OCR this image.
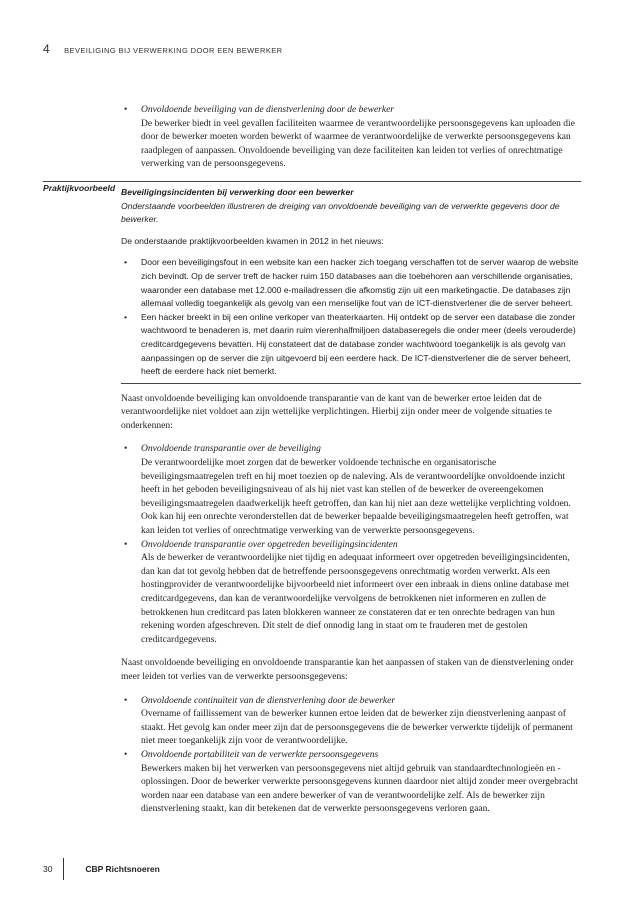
4 BEVEILIGING BIJ VERWERKING DOOR EEN BEWERKER
Praktijkvoorbeeld
• Onvoldoende beveiliging van de dienstverlening door de bewerker
De bewerker biedt in veel gevallen faciliteiten waarmee de verantwoordelijke persoonsgegevens kan uploaden die door de bewerker moeten worden bewerkt of waarmee de verantwoordelijke de verwerkte persoonsgegevens kan raadplegen of aanpassen. Onvoldoende beveiliging van deze faciliteiten kan leiden tot verlies of onrechtmatige verwerking van de persoonsgegevens.
Beveiligingsincidenten bij verwerking door een bewerker
Onderstaande voorbeelden illustreren de dreiging van onvoldoende beveiliging van de verwerkte gegevens door de bewerker.
De onderstaande praktijkvoorbeelden kwamen in 2012 in het nieuws:
• Door een beveiligingsfout in een website kan een hacker zich toegang verschaffen tot de server waarop de website zich bevindt. Op de server treft de hacker ruim 150 databases aan die toebehoren aan verschillende organisaties, waaronder een database met 12.000 e-mailadressen die afkomstig zijn uit een marketingactie. De databases zijn allemaal volledig toegankelijk als gevolg van een menselijke fout van de ICT-dienstverlener die de server beheert.
• Een hacker breekt in bij een online verkoper van theaterkaarten. Hij ontdekt op de server een database die zonder wachtwoord te benaderen is, met daarin ruim vierenhalfmiljoen databaseregels die onder meer (deels verouderde) creditcardgegevens bevatten. Hij constateert dat de database zonder wachtwoord toegankelijk is als gevolg van aanpassingen op de server die zijn uitgevoerd bij een eerdere hack. De ICT-dienstverlener die de server beheert, heeft de eerdere hack niet bemerkt.

Naast onvoldoende beveiliging kan onvoldoende transparantie van de kant van de bewerker ertoe leiden dat de verantwoordelijke niet voldoet aan zijn wettelijke verplichtingen. Hierbij zijn onder meer de volgende situaties te onderkennen:

• Onvoldoende transparantie over de beveiliging
De verantwoordelijke moet zorgen dat de bewerker voldoende technische en organisatorische beveiligingsmaatregelen treft en hij moet toezien op de naleving. Als de verantwoordelijke onvoldoende inzicht heeft in het geboden beveiligingsniveau of als hij niet vast kan stellen of de bewerker de overeengekomen beveiligingsmaatregelen daadwerkelijk heeft getroffen, dan kan hij niet aan deze wettelijke verplichting voldoen. Ook kan hij een onrechte veronderstellen dat de bewerker bepaalde beveiligingsmaatregelen heeft getroffen, wat kan leiden tot verlies of onrechtmatige verwerking van de verwerkte persoonsgegevens.
• Onvoldoende transparantie over opgetreden beveiligingsincidenten
Als de bewerker de verantwoordelijke niet tijdig en adequaat informeert over opgetreden beveiligingsincidenten, dan kan dat tot gevolg hebben dat de betreffende persoonsgegevens onrechtmatig worden verwerkt. Als een hostingprovider de verantwoordelijke bijvoorbeeld niet informeert over een inbraak in diens online database met creditcardgegevens, dan kan de verantwoordelijke vervolgens de betrokkenen niet informeren en zullen de betrokkenen hun creditcard pas laten blokkeren wanneer ze constateren dat er ten onrechte bedragen van hun rekening worden afgeschreven. Dit stelt de dief onnodig lang in staat om te frauderen met de gestolen creditcardgegevens.

Naast onvoldoende beveiliging en onvoldoende transparantie kan het aanpassen of staken van de dienstverlening onder meer leiden tot verlies van de verwerkte persoonsgegevens:

• Onvoldoende continuïteit van de dienstverlening door de bewerker
Overname of faillissement van de bewerker kunnen ertoe leiden dat de bewerker zijn dienstverlening aanpast of staakt. Het gevolg kan onder meer zijn dat de persoonsgegevens die de bewerker verwerkte tijdelijk of permanent niet meer toegankelijk zijn voor de verantwoordelijke.
• Onvoldoende portabiliteit van de verwerkte persoonsgegevens
Bewerkers maken bij het verwerken van persoonsgegevens niet altijd gebruik van standaardtechnologieën en -oplossingen. Door de bewerker verwerkte persoonsgegevens kunnen daardoor niet altijd zonder meer overgebracht worden naar een database van een andere bewerker of van de verantwoordelijke zelf. Als de bewerker zijn dienstverlening staakt, kan dit betekenen dat de verwerkte persoonsgegevens verloren gaan.
30	CBP Richtsnoeren
